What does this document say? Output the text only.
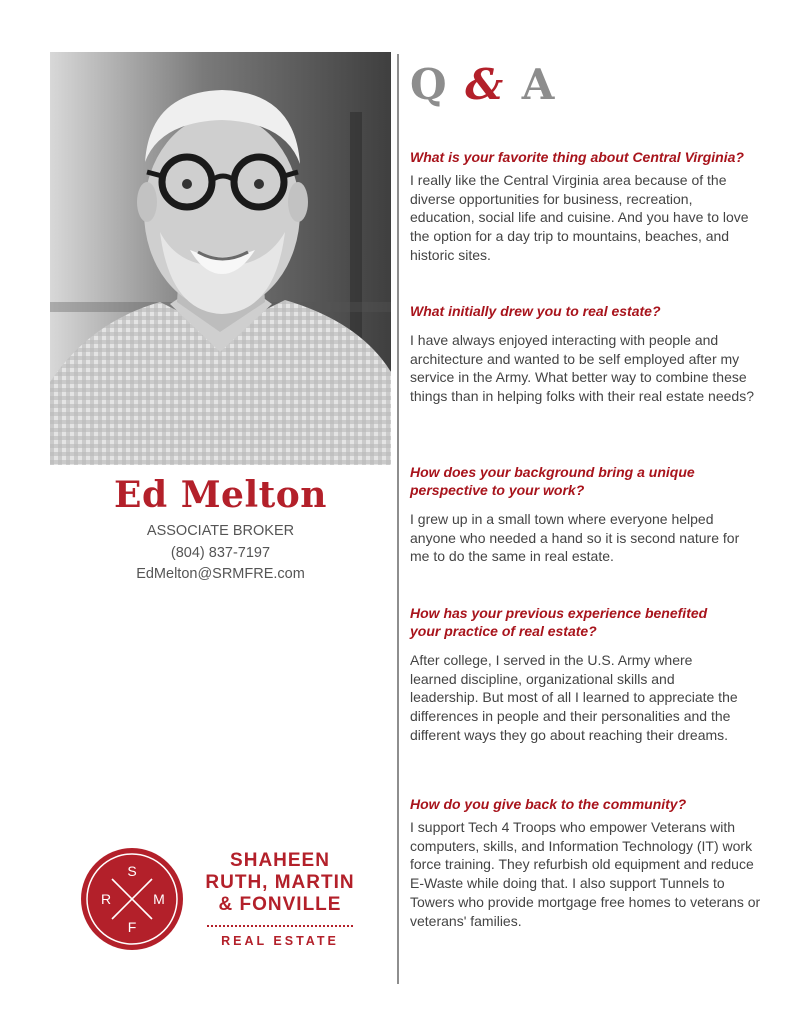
Ed Melton
ASSOCIATE BROKER
(804) 837-7197
EdMelton@SRMFRE.com
Q & A

What is your favorite thing about Central Virginia?

I really like the Central Virginia area because of the diverse opportunities for business, recreation, education, social life and cuisine. And you have to love the option for a day trip to mountains, beaches, and historic sites.

What initially drew you to real estate?

I have always enjoyed interacting with people and architecture and wanted to be self employed after my service in the Army. What better way to combine these things than in helping folks with their real estate needs?

How does your background bring a unique perspective to your work?

I grew up in a small town where everyone helped anyone who needed a hand so it is second nature for me to do the same in real estate.

How has your previous experience benefited your practice of real estate?

After college, I served in the U.S. Army where learned discipline, organizational skills and leadership. But most of all I learned to appreciate the differences in people and their personalities and the different ways they go about reaching their dreams.

How do you give back to the community?

I support Tech 4 Troops who empower Veterans with computers, skills, and Information Technology (IT) work force training. They refurbish old equipment and reduce E-Waste while doing that. I also support Tunnels to Towers who provide mortgage free homes to veterans or veterans' families.

S
R	M
F
SHAHEEN
RUTH, MARTIN
& FONVILLE
REAL ESTATE
